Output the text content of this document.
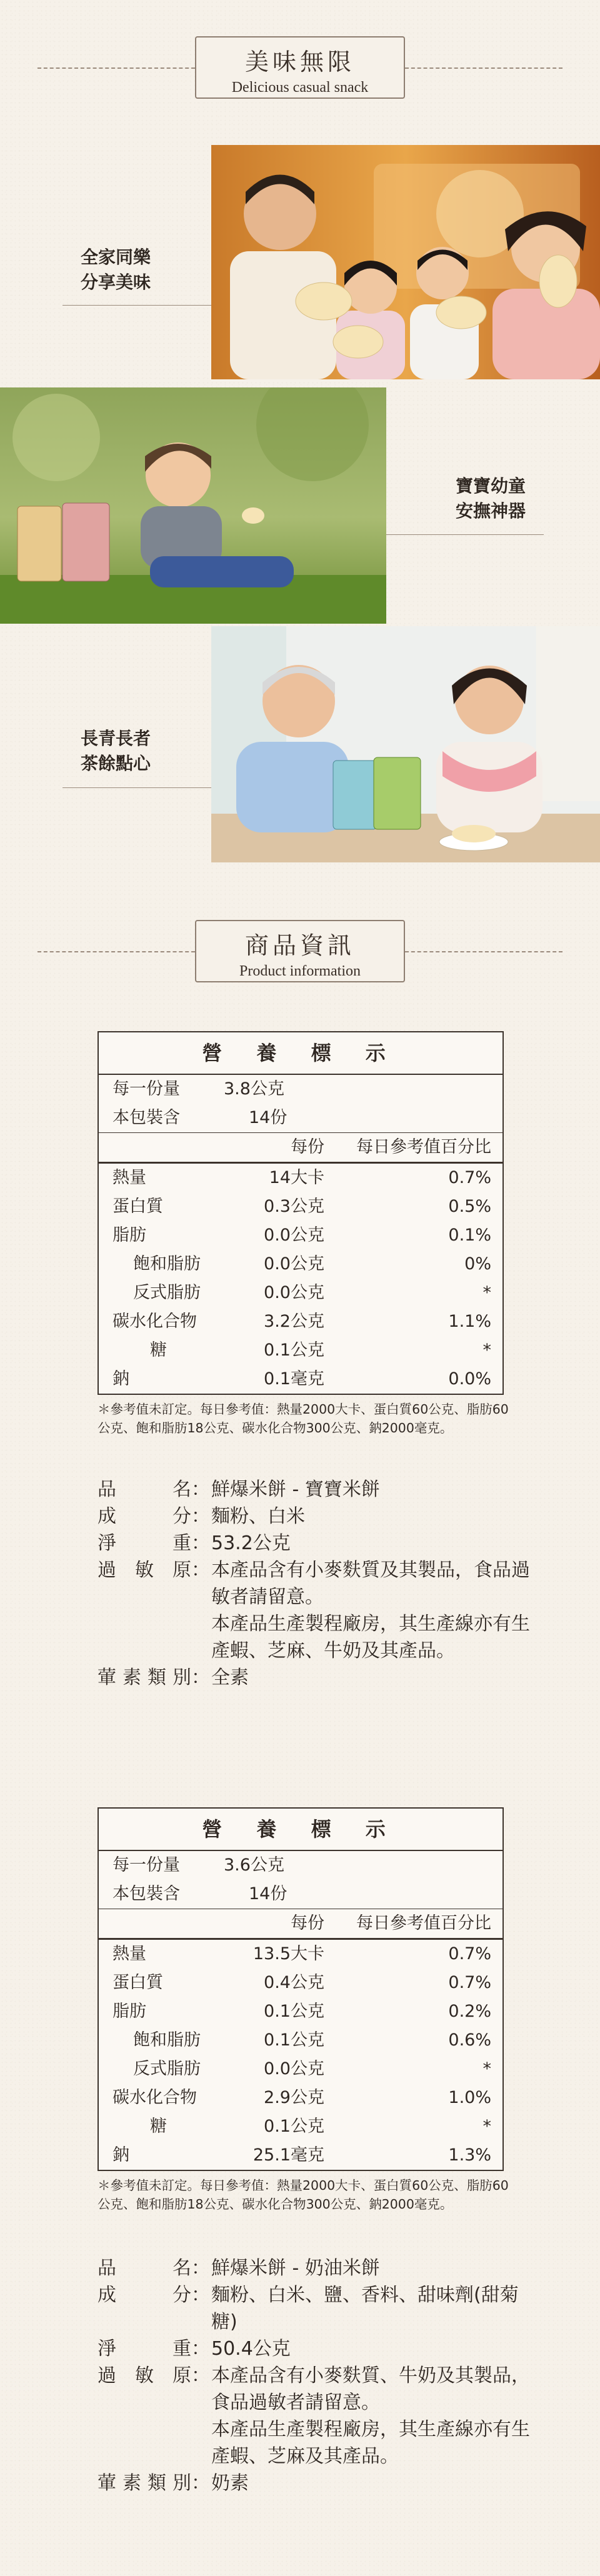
美味無限
Delicious casual snack
全家同樂
分享美味
寶寶幼童
安撫神器
長青長者
茶餘點心
商品資訊
Product information
營 養 標 示
每一份量	3.8公克
本包裝含	14份
每份 每日參考值百分比
熱量	14大卡	0.7%
蛋白質	0.3公克	0.5%
脂肪	0.0公克	0.1%
飽和脂肪	0.0公克	0%
反式脂肪	0.0公克	*
碳水化合物	3.2公克	1.1%
糖	0.1公克	*
鈉	0.1毫克	0.0%
＊參考值未訂定。每日參考值：熱量2000大卡、蛋白質60公克、脂肪60公克、飽和脂肪18公克、碳水化合物300公克、鈉2000毫克。
品名 ： 鮮爆米餅 - 寶寶米餅
成分 ： 麵粉、白米
淨重 ： 53.2公克
過敏原 ： 本產品含有小麥麩質及其製品，食品過敏者請留意。
本產品生產製程廠房，其生產線亦有生產蝦、芝麻、牛奶及其產品。
葷素類別 ： 全素
營 養 標 示
每一份量	3.6公克
本包裝含	14份
每份 每日參考值百分比
熱量	13.5大卡	0.7%
蛋白質	0.4公克	0.7%
脂肪	0.1公克	0.2%
飽和脂肪	0.1公克	0.6%
反式脂肪	0.0公克	*
碳水化合物	2.9公克	1.0%
糖	0.1公克	*
鈉	25.1毫克	1.3%
＊參考值未訂定。每日參考值：熱量2000大卡、蛋白質60公克、脂肪60公克、飽和脂肪18公克、碳水化合物300公克、鈉2000毫克。
品名 ： 鮮爆米餅 - 奶油米餅
成分 ： 麵粉、白米、鹽、香料、甜味劑(甜菊糖)
淨重 ： 50.4公克
過敏原 ： 本產品含有小麥麩質、牛奶及其製品，食品過敏者請留意。
本產品生產製程廠房，其生產線亦有生產蝦、芝麻及其產品。
葷素類別 ： 奶素
